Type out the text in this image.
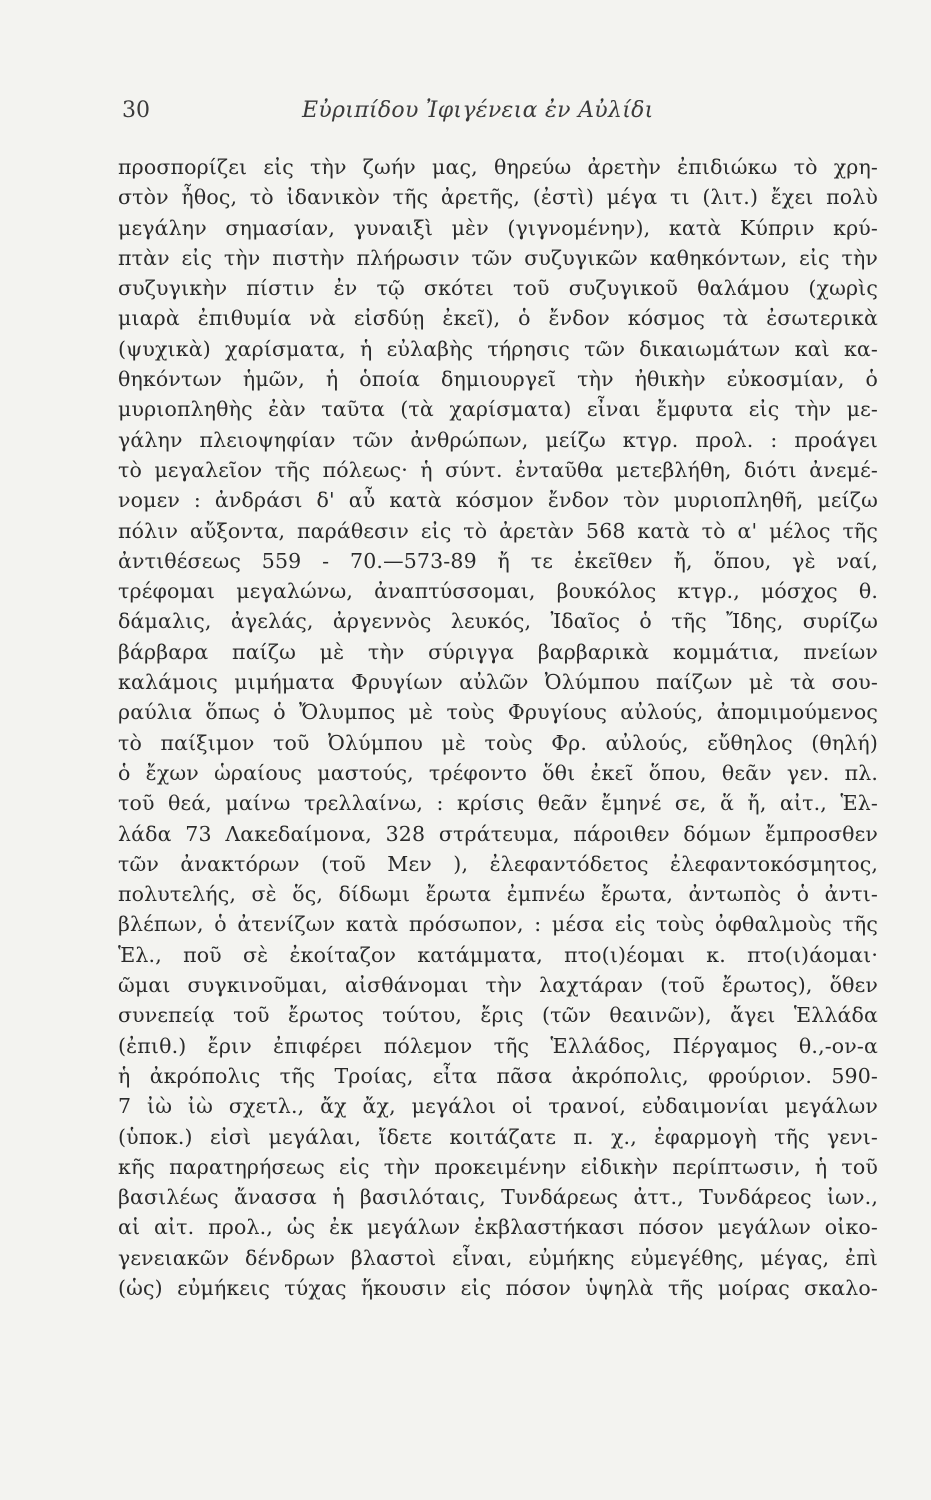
30	Εὐριπίδου Ἰφιγένεια ἐν Αὐλίδι
προσπορίζει εἰς τὴν ζωήν μας, θηρεύω ἀρετὴν ἐπιδιώκω τὸ χρη-
στὸν ἦθος, τὸ ἰδανικὸν τῆς ἀρετῆς, (ἐστὶ) μέγα τι (λιτ.) ἔχει πολὺ
μεγάλην σημασίαν, γυναιξὶ μὲν (γιγνομένην), κατὰ Κύπριν κρύ-
πτὰν εἰς τὴν πιστὴν πλήρωσιν τῶν συζυγικῶν καθηκόντων, εἰς τὴν
συζυγικὴν πίστιν ἐν τῷ σκότει τοῦ συζυγικοῦ θαλάμου (χωρὶς
μιαρὰ ἐπιθυμία νὰ εἰσδύῃ ἐκεῖ), ὁ ἔνδον κόσμος τὰ ἐσωτερικὰ
(ψυχικὰ) χαρίσματα, ἡ εὐλαβὴς τήρησις τῶν δικαιωμάτων καὶ κα-
θηκόντων ἡμῶν, ἡ ὁποία δημιουργεῖ τὴν ἠθικὴν εὐκοσμίαν, ὁ
μυριοπληθὴς ἐὰν ταῦτα (τὰ χαρίσματα) εἶναι ἔμφυτα εἰς τὴν με-
γάλην πλειοψηφίαν τῶν ἀνθρώπων, μείζω κτγρ. προλ. : προάγει
τὸ μεγαλεῖον τῆς πόλεως· ἡ σύντ. ἐνταῦθα μετεβλήθη, διότι ἀνεμέ-
νομεν : ἀνδράσι δ' αὖ κατὰ κόσμον ἔνδον τὸν μυριοπληθῆ, μείζω
πόλιν αὔξοντα, παράθεσιν εἰς τὸ ἀρετὰν 568 κατὰ τὸ α' μέλος τῆς
ἀντιθέσεως 559 - 70.—573-89 ἤ τε ἐκεῖθεν ἤ, ὅπου, γὲ ναί,
τρέφομαι μεγαλώνω, ἀναπτύσσομαι, βουκόλος κτγρ., μόσχος θ.
δάμαλις, ἀγελάς, ἀργεννὸς λευκός, Ἰδαῖος ὁ τῆς Ἴδης, συρίζω
βάρβαρα παίζω μὲ τὴν σύριγγα βαρβαρικὰ κομμάτια, πνείων
καλάμοις μιμήματα Φρυγίων αὐλῶν Ὀλύμπου παίζων μὲ τὰ σου-
ραύλια ὅπως ὁ Ὄλυμπος μὲ τοὺς Φρυγίους αὐλούς, ἀπομιμούμενος
τὸ παίξιμον τοῦ Ὀλύμπου μὲ τοὺς Φρ. αὐλούς, εὔθηλος (θηλή)
ὁ ἔχων ὡραίους μαστούς, τρέφοντο ὅθι ἐκεῖ ὅπου, θεᾶν γεν. πλ.
τοῦ θεά, μαίνω τρελλαίνω, : κρίσις θεᾶν ἔμηνέ σε, ἅ ἤ, αἰτ., Ἑλ-
λάδα 73 Λακεδαίμονα, 328 στράτευμα, πάροιθεν δόμων ἔμπροσθεν
τῶν ἀνακτόρων (τοῦ Μεν ), ἐλεφαντόδετος ἐλεφαντοκόσμητος,
πολυτελής, σὲ ὅς, δίδωμι ἔρωτα ἐμπνέω ἔρωτα, ἀντωπὸς ὁ ἀντι-
βλέπων, ὁ ἀτενίζων κατὰ πρόσωπον, : μέσα εἰς τοὺς ὀφθαλμοὺς τῆς
Ἑλ., ποῦ σὲ ἐκοίταζον κατάμματα, πτο(ι)έομαι κ. πτο(ι)άομαι·
ῶμαι συγκινοῦμαι, αἰσθάνομαι τὴν λαχτάραν (τοῦ ἔρωτος), ὅθεν
συνεπείᾳ τοῦ ἔρωτος τούτου, ἔρις (τῶν θεαινῶν), ἄγει Ἑλλάδα
(ἐπιθ.) ἔριν ἐπιφέρει πόλεμον τῆς Ἑλλάδος, Πέργαμος θ.,-ον-α
ἡ ἀκρόπολις τῆς Τροίας, εἶτα πᾶσα ἀκρόπολις, φρούριον. 590-
7 ἰὼ ἰὼ σχετλ., ἄχ ἄχ, μεγάλοι οἱ τρανοί, εὐδαιμονίαι μεγάλων
(ὑποκ.) εἰσὶ μεγάλαι, ἴδετε κοιτάζατε π. χ., ἐφαρμογὴ τῆς γενι-
κῆς παρατηρήσεως εἰς τὴν προκειμένην εἰδικὴν περίπτωσιν, ἡ τοῦ
βασιλέως ἄνασσα ἡ βασιλόταις, Τυνδάρεως ἀττ., Τυνδάρεος ἰων.,
αἱ αἰτ. προλ., ὡς ἐκ μεγάλων ἐκβλαστήκασι πόσον μεγάλων οἰκο-
γενειακῶν δένδρων βλαστοὶ εἶναι, εὐμήκης εὐμεγέθης, μέγας, ἐπὶ
(ὡς) εὐμήκεις τύχας ἥκουσιν εἰς πόσον ὑψηλὰ τῆς μοίρας σκαλο-
